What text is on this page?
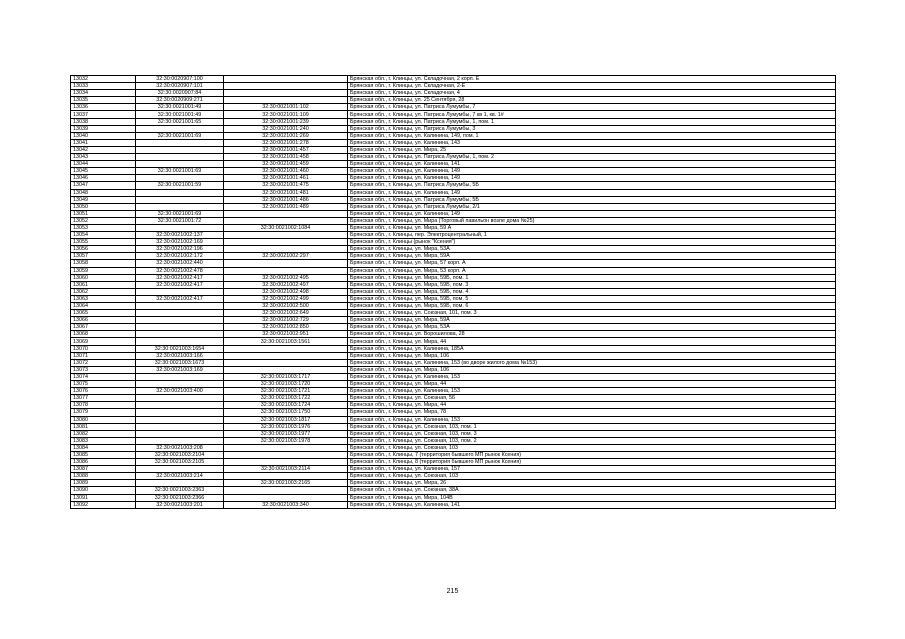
13032	32:30:0020907:100		Брянская обл., г. Клинцы, ул. Складочная, 2 корп. Е
13033	32:30:0020907:101		Брянская обл., г. Клинцы, ул. Складочная, 2-Е
13034	32:30:0020907:84		Брянская обл., г. Клинцы, ул. Складочная, 4
13035	32:30:0020909:271		Брянская обл., г. Клинцы, ул. 25 Сентября, 28
13036	32:30:0021001:49	32:30:0021001:102	Брянская обл., г. Клинцы, ул. Патриса Лумумбы, 7
13037	32:30:0021001:49	32:30:0021001:109	Брянская обл., г. Клинцы, ул. Патриса Лумумбы, 7 кв 1, кв. 1#
13038	32:30:0021001:65	32:30:0021001:239	Брянская обл., г. Клинцы, ул. Патриса Лумумбы, 1, пом. 1
13039		32:30:0021001:240	Брянская обл., г. Клинцы, ул. Патриса Лумумбы, 3
13040	32:30:0021001:69	32:30:0021001:269	Брянская обл., г. Клинцы, ул. Калинина, 149, пом. 1
13041		32:30:0021001:278	Брянская обл., г. Клинцы, ул. Калинина, 143
13042		32:30:0021001:457	Брянская обл., г. Клинцы, ул. Мира, 25
13043		32:30:0021001:458	Брянская обл., г. Клинцы, ул. Патриса Лумумбы, 1, пом. 2
13044		32:30:0021001:459	Брянская обл., г. Клинцы, ул. Калинина, 141
13045	32:30:0021001:69	32:30:0021001:460	Брянская обл., г. Клинцы, ул. Калинина, 149
13046		32:30:0021001:461	Брянская обл., г. Клинцы, ул. Калинина, 149
13047	32:30:0021001:59	32:30:0021001:475	Брянская обл., г. Клинцы, ул. Патриса Лумумбы, 5Б
13048		32:30:0021001:481	Брянская обл., г. Клинцы, ул. Калинина, 149
13049		32:30:0021001:486	Брянская обл., г. Клинцы, ул. Патриса Лумумбы, 5Б
13050		32:30:0021001:489	Брянская обл., г. Клинцы, ул. Патриса Лумумбы, 2/1
13051	32:30:0021001:69		Брянская обл., г. Клинцы, ул. Калинина, 149
13052	32:30:0021001:72		Брянская обл., г. Клинцы, ул. Мира (Торговый павильон возле дома №25)
13053		32:30:0021002:1084	Брянская обл., г. Клинцы, ул. Мира, 59 А
13054	32:30:0021002:137		Брянская обл., г. Клинцы, пер. Электроцентральный, 1
13055	32:30:0021002:169		Брянская обл., г. Клинцы (рынок "Ксения")
13056	32:30:0021002:196		Брянская обл., г. Клинцы, ул. Мира, 53А
13057	32:30:0021002:172	32:30:0021002:297	Брянская обл., г. Клинцы, ул. Мира, 59А
13058	32:30:0021002:440		Брянская обл., г. Клинцы, ул. Мира, 57 корп. А
13059	32:30:0021002:478		Брянская обл., г. Клинцы, ул. Мира, 53 корп. А
13060	32:30:0021002:417	32:30:0021002:495	Брянская обл., г. Клинцы, ул. Мира, 59Б, пом. 1
13061	32:30:0021002:417	32:30:0021002:497	Брянская обл., г. Клинцы, ул. Мира, 59Б, пом. 3
13062		32:30:0021002:498	Брянская обл., г. Клинцы, ул. Мира, 59Б, пом. 4
13063	32:30:0021002:417	32:30:0021002:499	Брянская обл., г. Клинцы, ул. Мира, 59Б, пом. 5
13064		32:30:0021002:500	Брянская обл., г. Клинцы, ул. Мира, 59Б, пом. 6
13065		32:30:0021002:649	Брянская обл., г. Клинцы, ул. Союзная, 101, пом. 3
13066		32:30:0021002:729	Брянская обл., г. Клинцы, ул. Мира, 59А
13067		32:30:0021002:850	Брянская обл., г. Клинцы, ул. Мира, 53А
13068		32:30:0021002:951	Брянская обл., г. Клинцы, ул. Ворошилова, 28
13069		32:30:0021003:1561	Брянская обл., г. Клинцы, ул. Мира, 44
13070	32:30:0021003:1654		Брянская обл., г. Клинцы, ул. Калинина, 185А
13071	32:30:0021003:166		Брянская обл., г. Клинцы, ул. Мира, 106
13072	32:30:0021003:1673		Брянская обл., г. Клинцы, ул. Калинина, 153 (во дворе жилого дома №153)
13073	32:30:0021003:169		Брянская обл., г. Клинцы, ул. Мира, 106
13074		32:30:0021003:1717	Брянская обл., г. Клинцы, ул. Калинина, 153
13075		32:30:0021003:1720	Брянская обл., г. Клинцы, ул. Мира, 44
13076	32:30:0021003:400	32:30:0021003:1721	Брянская обл., г. Клинцы, ул. Калинина, 153
13077		32:30:0021003:1722	Брянская обл., г. Клинцы, ул. Союзная, 56
13078		32:30:0021003:1724	Брянская обл., г. Клинцы, ул. Мира, 44
13079		32:30:0021003:1750	Брянская обл., г. Клинцы, ул. Мира, 78
13080		32:30:0021003:1817	Брянская обл., г. Клинцы, ул. Калинина, 153
13081		32:30:0021003:1976	Брянская обл., г. Клинцы, ул. Союзная, 103, пом. 1
13082		32:30:0021003:1977	Брянская обл., г. Клинцы, ул. Союзная, 103, пом. 3
13083		32:30:0021003:1978	Брянская обл., г. Клинцы, ул. Союзная, 103, пом. 2
13084	32:30:0021003:208		Брянская обл., г. Клинцы, ул. Союзная, 103
13085	32:30:0021003:2104		Брянская обл., г. Клинцы, 7 (территория бывшего МП рынок Ксения)
13086	32:30:0021003:2105		Брянская обл., г. Клинцы, 8 (территория бывшего МП рынок Ксения)
13087		32:30:0021003:2114	Брянская обл., г. Клинцы, ул. Калинина, 157
13088	32:30:0021003:214		Брянская обл., г. Клинцы, ул. Союзная, 103
13089		32:30:0021003:2165	Брянская обл., г. Клинцы, ул. Мира, 26
13090	32:30:0021003:2363		Брянская обл., г. Клинцы, ул. Союзная, 38А
13091	32:30:0021003:2366		Брянская обл., г. Клинцы, ул. Мира, 104В
13092	32:30:0021003:201	32:30:0021003:340	Брянская обл., г. Клинцы, ул. Калинина, 141
215
